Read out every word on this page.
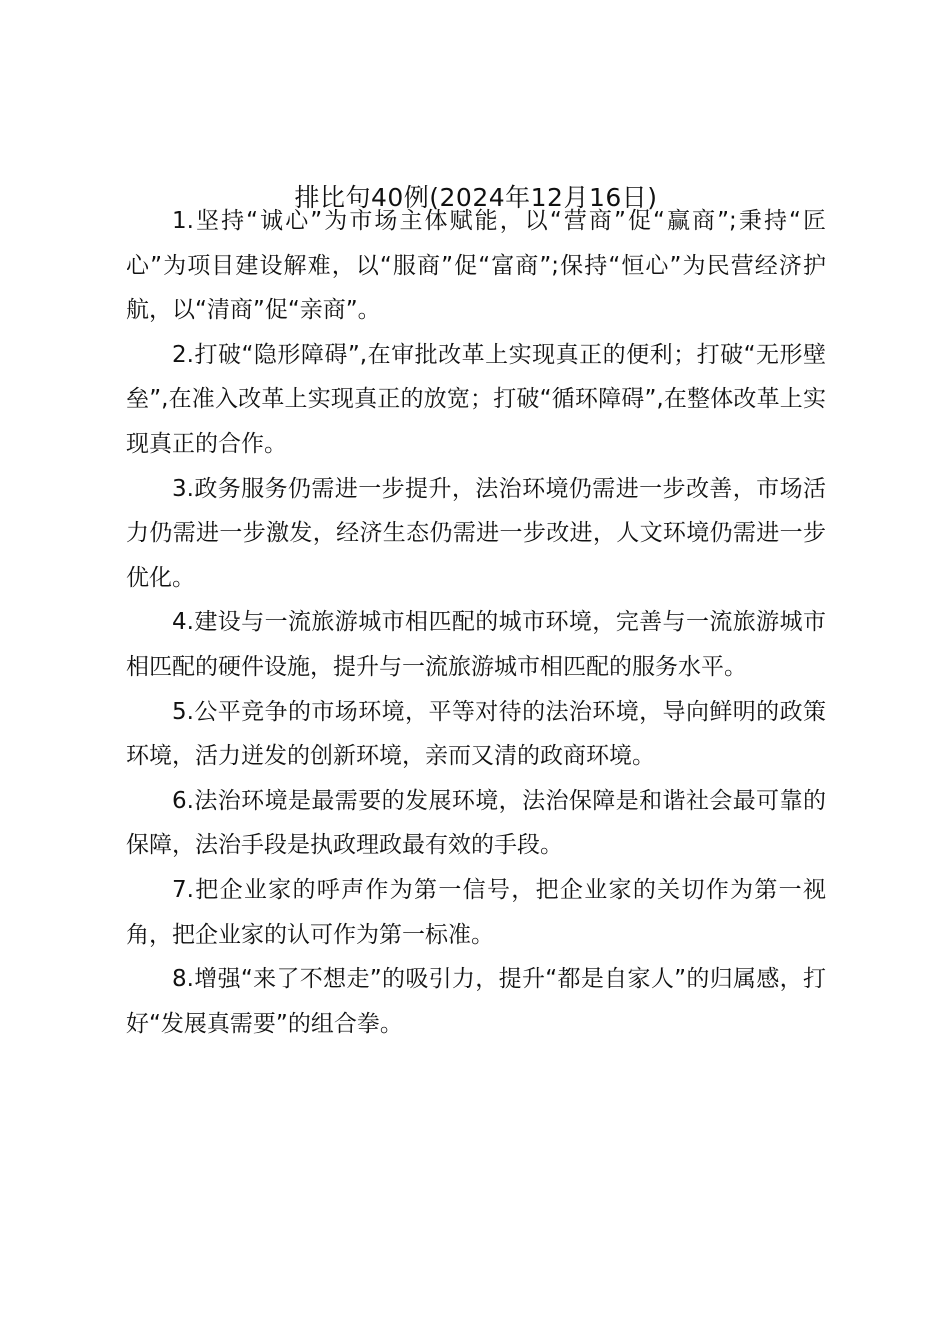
排比句40例(2024年12月16日)

1.坚持“诚心”为市场主体赋能，以“营商”促“赢商”;秉持“匠心”为项目建设解难，以“服商”促“富商”;保持“恒心”为民营经济护航，以“清商”促“亲商”。

2.打破“隐形障碍”,在审批改革上实现真正的便利；打破“无形壁垒”,在准入改革上实现真正的放宽；打破“循环障碍”,在整体改革上实现真正的合作。

3.政务服务仍需进一步提升，法治环境仍需进一步改善，市场活力仍需进一步激发，经济生态仍需进一步改进，人文环境仍需进一步优化。

4.建设与一流旅游城市相匹配的城市环境，完善与一流旅游城市相匹配的硬件设施，提升与一流旅游城市相匹配的服务水平。

5.公平竞争的市场环境，平等对待的法治环境，导向鲜明的政策环境，活力迸发的创新环境，亲而又清的政商环境。

6.法治环境是最需要的发展环境，法治保障是和谐社会最可靠的保障，法治手段是执政理政最有效的手段。

7.把企业家的呼声作为第一信号，把企业家的关切作为第一视角，把企业家的认可作为第一标准。

8.增强“来了不想走”的吸引力，提升“都是自家人”的归属感，打好“发展真需要”的组合拳。
